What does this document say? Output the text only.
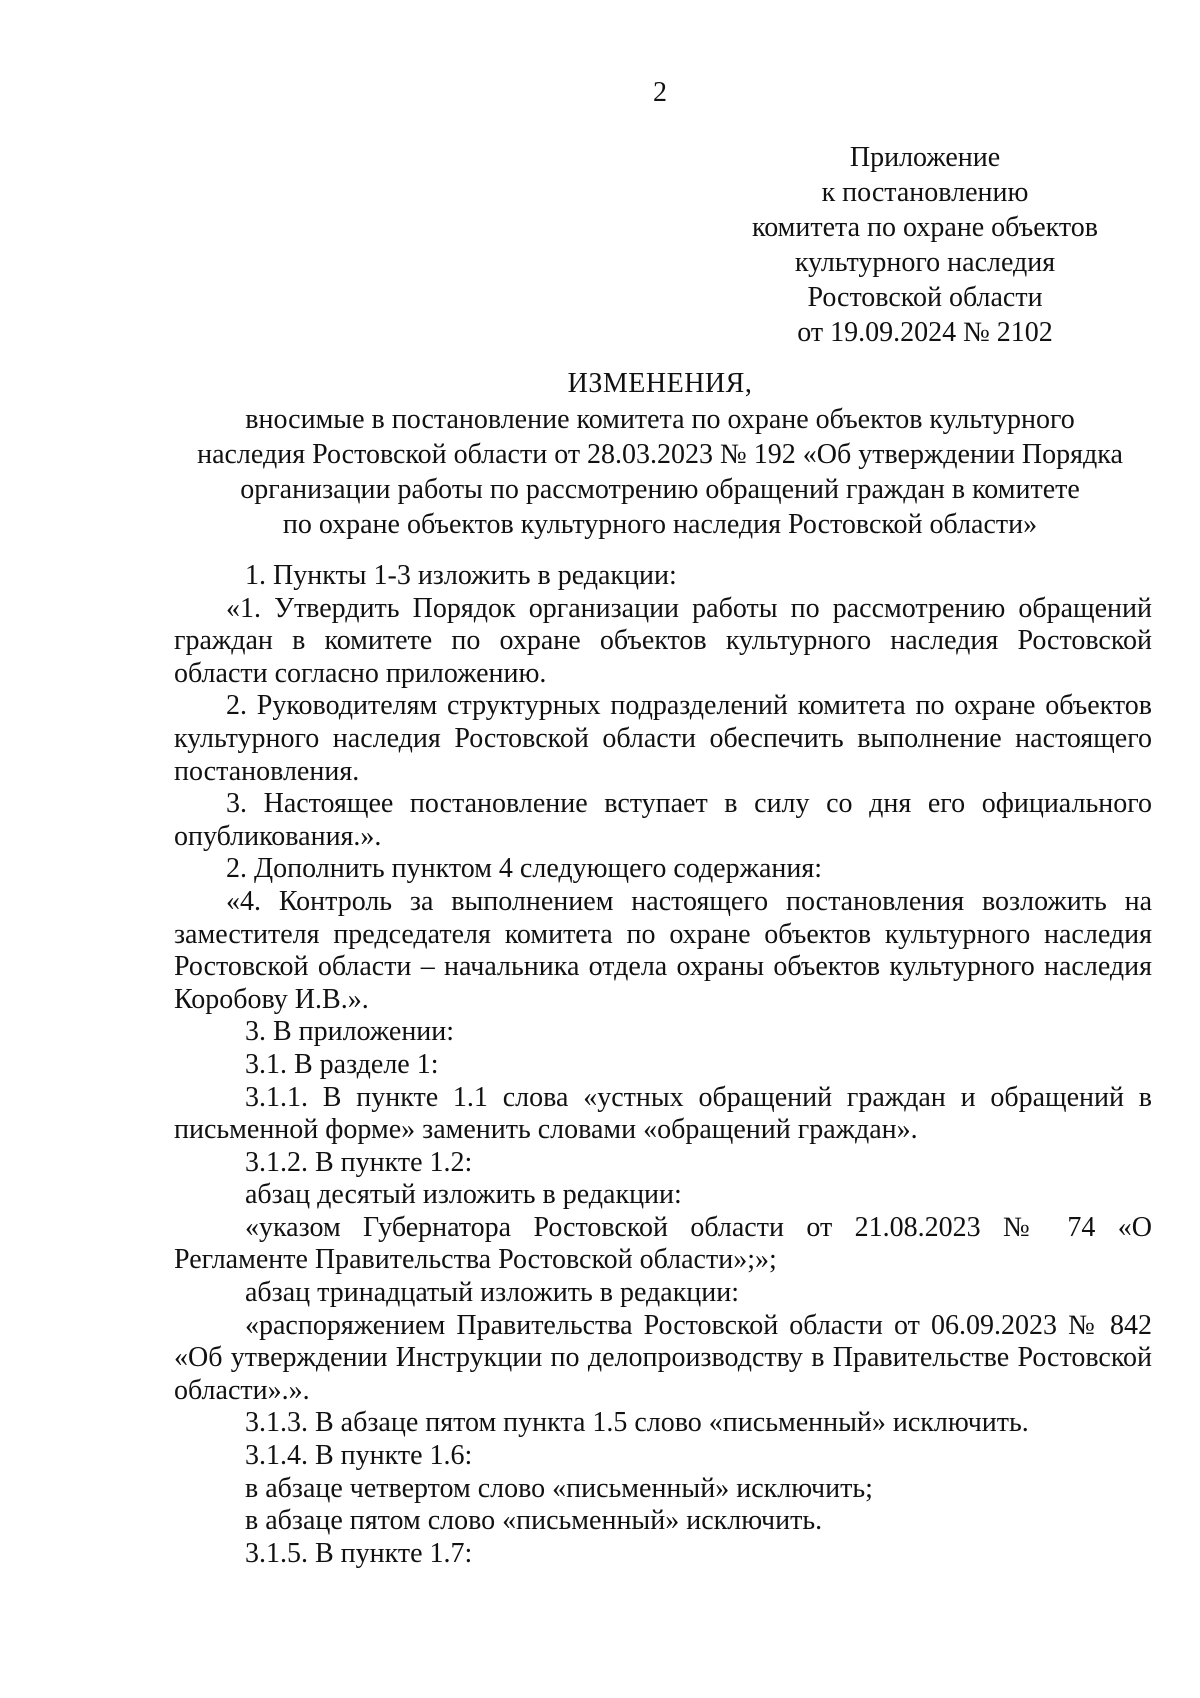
2
Приложение
к постановлению
комитета по охране объектов
культурного наследия
Ростовской области
от 19.09.2024 № 2102
ИЗМЕНЕНИЯ,
вносимые в постановление комитета по охране объектов культурного
наследия Ростовской области от 28.03.2023 № 192 «Об утверждении Порядка
организации работы по рассмотрению обращений граждан в комитете
по охране объектов культурного наследия Ростовской области»

1. Пункты 1-3 изложить в редакции:

«1. Утвердить Порядок организации работы по рассмотрению обращений граждан в комитете по охране объектов культурного наследия Ростовской области согласно приложению.

2. Руководителям структурных подразделений комитета по охране объектов культурного наследия Ростовской области обеспечить выполнение настоящего постановления.

3. Настоящее постановление вступает в силу со дня его официального опубликования.».

2. Дополнить пунктом 4 следующего содержания:

«4. Контроль за выполнением настоящего постановления возложить на заместителя председателя комитета по охране объектов культурного наследия Ростовской области – начальника отдела охраны объектов культурного наследия Коробову И.В.».

3. В приложении:

3.1. В разделе 1:

3.1.1. В пункте 1.1 слова «устных обращений граждан и обращений в письменной форме» заменить словами «обращений граждан».

3.1.2. В пункте 1.2:

абзац десятый изложить в редакции:

«указом Губернатора Ростовской области от 21.08.2023 № 74 «О Регламенте Правительства Ростовской области»;»;

абзац тринадцатый изложить в редакции:

«распоряжением Правительства Ростовской области от 06.09.2023 № 842 «Об утверждении Инструкции по делопроизводству в Правительстве Ростовской области».».

3.1.3. В абзаце пятом пункта 1.5 слово «письменный» исключить.

3.1.4. В пункте 1.6:

в абзаце четвертом слово «письменный» исключить;

в абзаце пятом слово «письменный» исключить.

3.1.5. В пункте 1.7:
